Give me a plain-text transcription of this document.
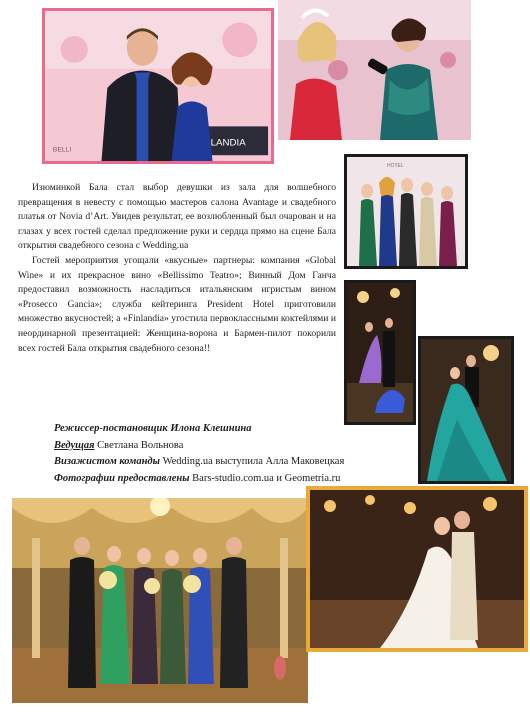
LANDIA
BELLI
HOTEL

Изюминкой Бала стал выбор девушки из зала для волшебного превращения в невесту с помощью мастеров салона Avantage и свадебного платья от Novia d’Art. Увидев результат, ее возлюбленный был очарован и на глазах у всех гостей сделал предложение руки и сердца прямо на сцене Бала открытия свадебного сезона с Wedding.ua

Гостей мероприятия угощали «вкусные» партнеры: компания «Global Wine» и их прекрасное вино «Bellissimo Teatro»; Винный Дом Ганча предоставил возможность насладиться итальянским игристым вином «Prosecco Gancia»; служба кейтеринга President Hotel приготовили множество вкусностей; а «Finlandia» угостила первоклассными коктейлями и неординарной презентацией: Женщина-ворона и Бармен-пилот покорили всех гостей Бала открытия свадебного сезона!!

Режиссер-постановщик Илона Клешнина
Ведущая Светлана Вольнова
Визажистом команды Wedding.ua выступила Алла Маковецкая
Фотографии предоставлены Bars-studio.com.ua и Geometria.ru
